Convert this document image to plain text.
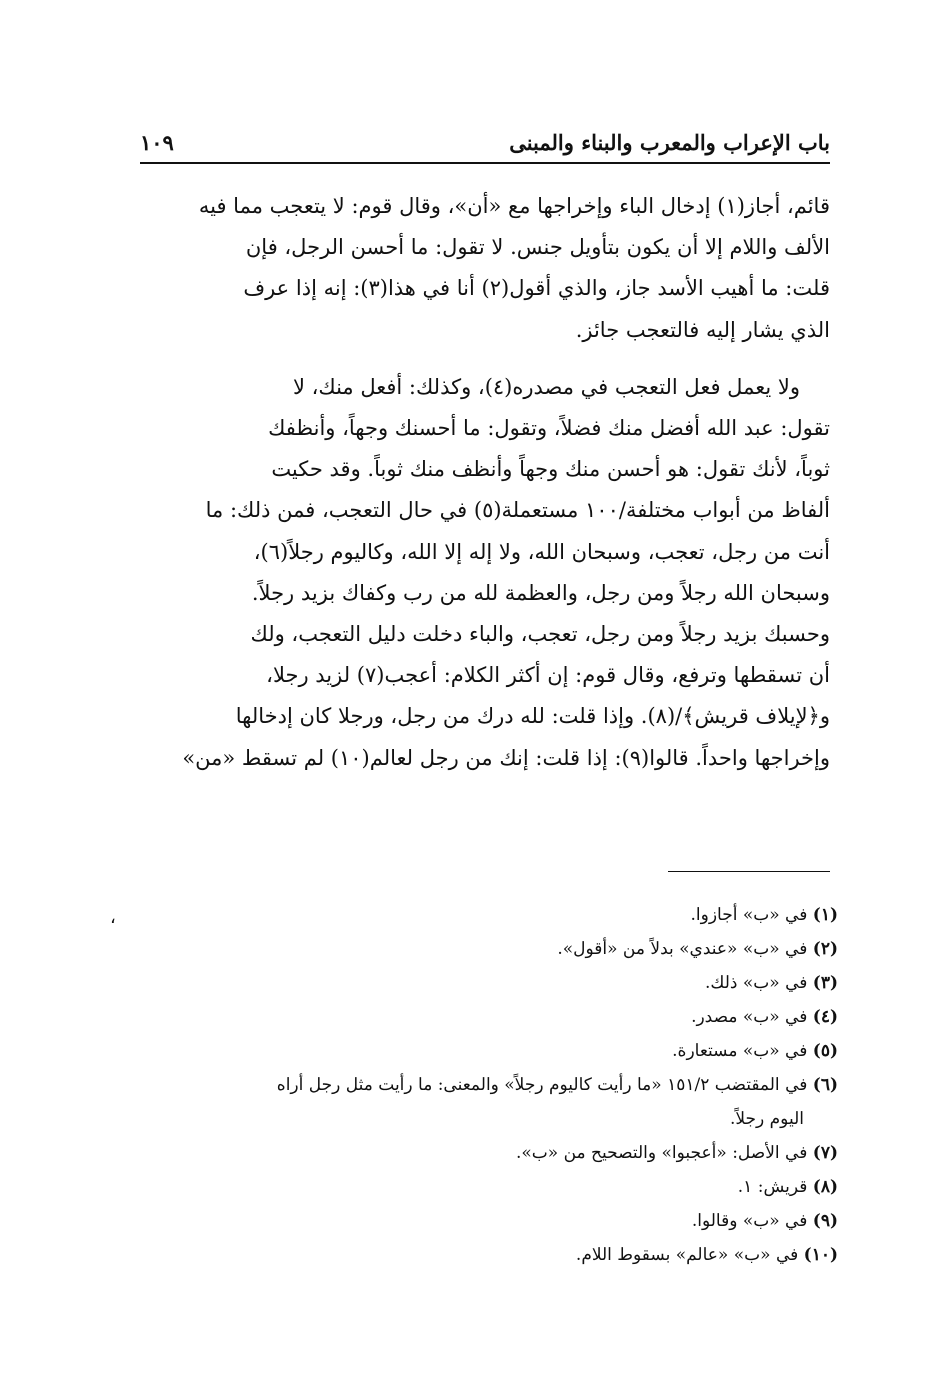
باب الإعراب والمعرب والبناء والمبنى
١٠٩

قائم، أجاز(١) إدخال الباء وإخراجها مع «أن»، وقال قوم: لا يتعجب مما فيه
الألف واللام إلا أن يكون بتأويل جنس. لا تقول: ما أحسن الرجل، فإن
قلت: ما أهيب الأسد جاز، والذي أقول(٢) أنا في هذا(٣): إنه إذا عرف
الذي يشار إليه فالتعجب جائز.

ولا يعمل فعل التعجب في مصدره(٤)، وكذلك: أفعل منك، لا
تقول: عبد الله أفضل منك فضلاً، وتقول: ما أحسنك وجهاً، وأنظفك
ثوباً، لأنك تقول: هو أحسن منك وجهاً وأنظف منك ثوباً. وقد حكيت
ألفاظ من أبواب مختلفة/١٠٠ مستعملة(٥) في حال التعجب، فمن ذلك: ما
أنت من رجل، تعجب، وسبحان الله، ولا إله إلا الله، وكاليوم رجلاً(٦)،
وسبحان الله رجلاً ومن رجل، والعظمة لله من رب وكفاك بزيد رجلاً.
وحسبك بزيد رجلاً ومن رجل، تعجب، والباء دخلت دليل التعجب، ولك
أن تسقطها وترفع، وقال قوم: إن أكثر الكلام: أعجب(٧) لزيد رجلا،
و﴿لإيلاف قريش﴾/(٨). وإذا قلت: لله درك من رجل، ورجلا كان إدخالها
وإخراجها واحداً. قالوا(٩): إذا قلت: إنك من رجل لعالم(١٠) لم تسقط «من»

،	(١) في «ب» أجازوا.
(٢) في «ب» «عندي» بدلاً من «أقول».
(٣) في «ب» ذلك.
(٤) في «ب» مصدر.
(٥) في «ب» مستعارة.
(٦) في المقتضب ١٥١/٢ «ما رأيت كاليوم رجلاً» والمعنى: ما رأيت مثل رجل أراه
اليوم رجلاً.
(٧) في الأصل: «أعجبوا» والتصحيح من «ب».
(٨) قريش: ١.
(٩) في «ب» وقالوا.
(١٠) في «ب» «عالم» بسقوط اللام.
